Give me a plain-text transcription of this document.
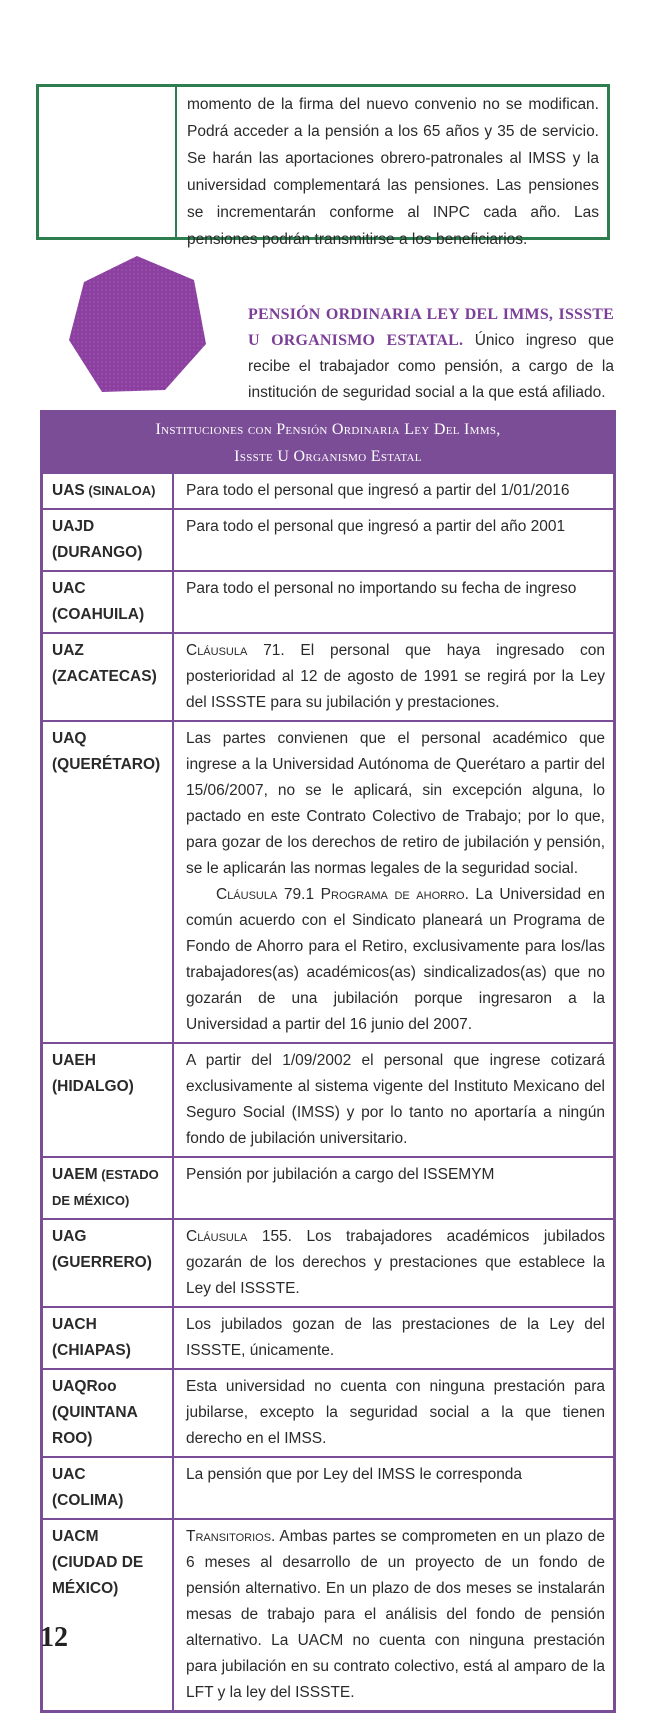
momento de la firma del nuevo convenio no se modifican. Podrá acceder a la pensión a los 65 años y 35 de servicio. Se harán las aportaciones obrero-patronales al IMSS y la universidad complementará las pensiones. Las pensiones se incrementarán conforme al INPC cada año. Las pensiones podrán transmitirse a los beneficiarios.
PENSIÓN ORDINARIA LEY DEL IMMS, ISSSTE U ORGANISMO ESTATAL. Único ingreso que recibe el trabajador como pensión, a cargo de la institución de seguridad social a la que está afiliado.
Instituciones con Pensión Ordinaria Ley Del Imms,
Issste U Organismo Estatal
UAS (SINALOA)	Para todo el personal que ingresó a partir del 1/01/2016
UAJD
(DURANGO)
Para todo el personal que ingresó a partir del año 2001
UAC
(COAHUILA)
Para todo el personal no importando su fecha de ingreso
UAZ
(ZACATECAS)
Cláusula 71. El personal que haya ingresado con posterioridad al 12 de agosto de 1991 se regirá por la Ley del ISSSTE para su jubilación y prestaciones.
UAQ
(QUERÉTARO)
Las partes convienen que el personal académico que ingrese a la Universidad Autónoma de Querétaro a partir del 15/06/2007, no se le aplicará, sin excepción alguna, lo pactado en este Contrato Colectivo de Trabajo; por lo que, para gozar de los derechos de retiro de jubilación y pensión, se le aplicarán las normas legales de la seguridad social.
Cláusula 79.1 Programa de ahorro. La Universidad en común acuerdo con el Sindicato planeará un Programa de Fondo de Ahorro para el Retiro, exclusivamente para los/las trabajadores(as) académicos(as) sindicalizados(as) que no gozarán de una jubilación porque ingresaron a la Universidad a partir del 16 junio del 2007.
UAEH
(HIDALGO)
A partir del 1/09/2002 el personal que ingrese cotizará exclusivamente al sistema vigente del Instituto Mexicano del Seguro Social (IMSS) y por lo tanto no aportaría a ningún fondo de jubilación universitario.
UAEM (ESTADO DE MÉXICO)
Pensión por jubilación a cargo del ISSEMYM
UAG
(GUERRERO)
Cláusula 155. Los trabajadores académicos jubilados gozarán de los derechos y prestaciones que establece la Ley del ISSSTE.
UACH
(CHIAPAS)
Los jubilados gozan de las prestaciones de la Ley del ISSSTE, únicamente.
UAQRoo
(QUINTANA ROO)
Esta universidad no cuenta con ninguna prestación para jubilarse, excepto la seguridad social a la que tienen derecho en el IMSS.
UAC
(COLIMA)
La pensión que por Ley del IMSS le corresponda
UACM
(CIUDAD DE MÉXICO)
Transitorios. Ambas partes se comprometen en un plazo de 6 meses al desarrollo de un proyecto de un fondo de pensión alternativo. En un plazo de dos meses se instalarán mesas de trabajo para el análisis del fondo de pensión alternativo. La UACM no cuenta con ninguna prestación para jubilación en su contrato colectivo, está al amparo de la LFT y la ley del ISSSTE.
12
